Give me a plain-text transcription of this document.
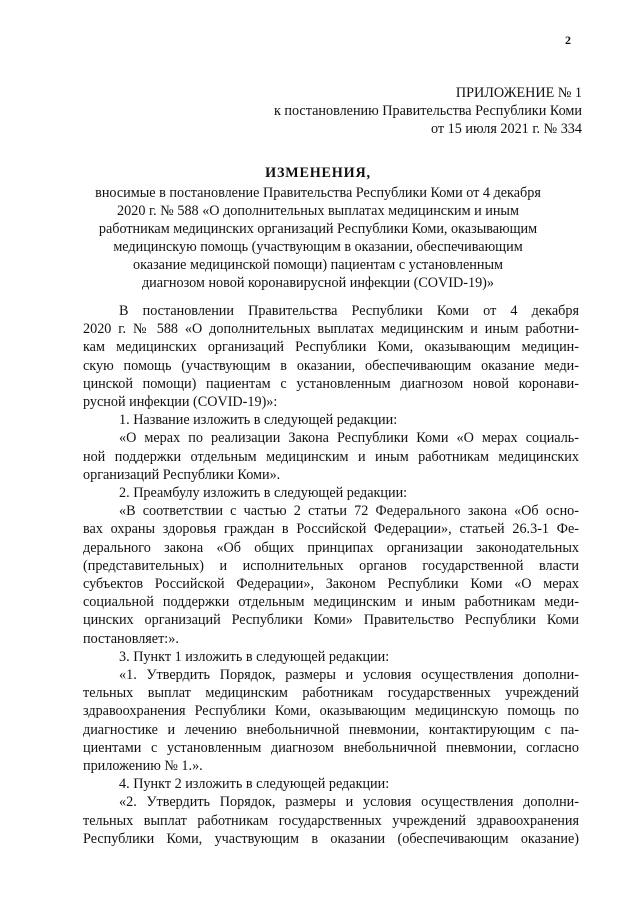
2
ПРИЛОЖЕНИЕ № 1
к постановлению Правительства Республики Коми
от 15 июля 2021 г. № 334
ИЗМЕНЕНИЯ,
вносимые в постановление Правительства Республики Коми от 4 декабря
2020 г. № 588 «О дополнительных выплатах медицинским и иным
работникам медицинских организаций Республики Коми, оказывающим
медицинскую помощь (участвующим в оказании, обеспечивающим
оказание медицинской помощи) пациентам с установленным
диагнозом новой коронавирусной инфекции (COVID-19)»
В постановлении Правительства Республики Коми от 4 декабря
2020 г. № 588 «О дополнительных выплатах медицинским и иным работни-
кам медицинских организаций Республики Коми, оказывающим медицин-
скую помощь (участвующим в оказании, обеспечивающим оказание меди-
цинской помощи) пациентам с установленным диагнозом новой коронави-
русной инфекции (COVID-19)»:
1. Название изложить в следующей редакции:
«О мерах по реализации Закона Республики Коми «О мерах социаль-
ной поддержки отдельным медицинским и иным работникам медицинских
организаций Республики Коми».
2. Преамбулу изложить в следующей редакции:
«В соответствии с частью 2 статьи 72 Федерального закона «Об осно-
вах охраны здоровья граждан в Российской Федерации», статьей 26.3-1 Фе-
дерального закона «Об общих принципах организации законодательных
(представительных) и исполнительных органов государственной власти
субъектов Российской Федерации», Законом Республики Коми «О мерах
социальной поддержки отдельным медицинским и иным работникам меди-
цинских организаций Республики Коми» Правительство Республики Коми
постановляет:».
3. Пункт 1 изложить в следующей редакции:
«1. Утвердить Порядок, размеры и условия осуществления дополни-
тельных выплат медицинским работникам государственных учреждений
здравоохранения Республики Коми, оказывающим медицинскую помощь по
диагностике и лечению внебольничной пневмонии, контактирующим с па-
циентами с установленным диагнозом внебольничной пневмонии, согласно
приложению № 1.».
4. Пункт 2 изложить в следующей редакции:
«2. Утвердить Порядок, размеры и условия осуществления дополни-
тельных выплат работникам государственных учреждений здравоохранения
Республики Коми, участвующим в оказании (обеспечивающим оказание)
